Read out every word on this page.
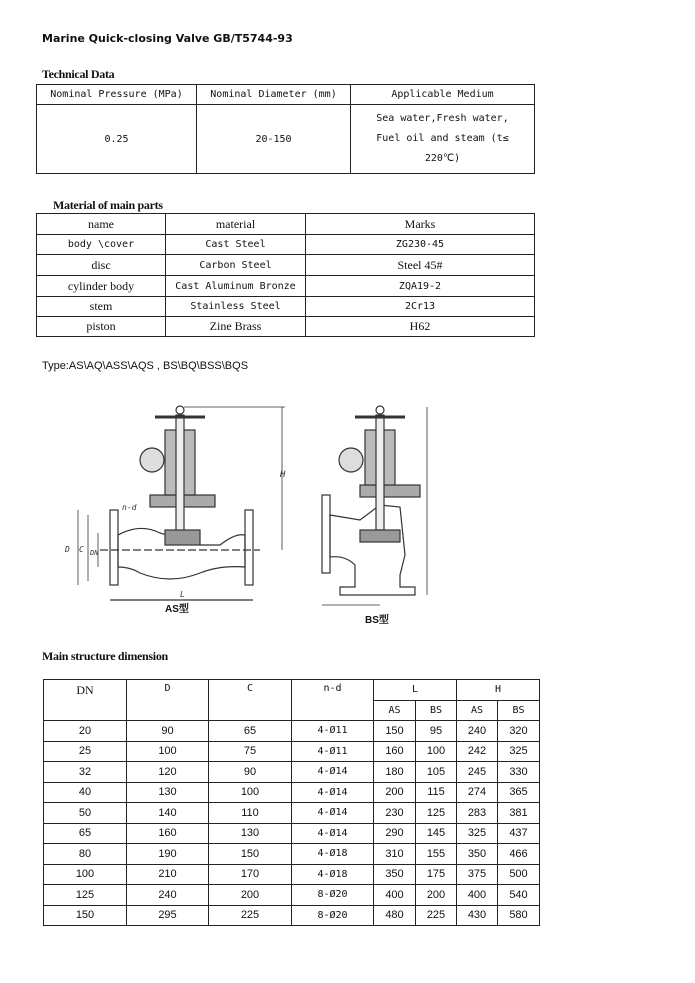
Marine Quick-closing Valve GB/T5744-93
Technical Data
Nominal Pressure (MPa)	Nominal Diameter (mm)	Applicable Medium
0.25	20-150	Sea water,Fresh water,
Fuel oil and steam (t≤
220℃)
Material of main parts
name	material	Marks
body \cover	Cast Steel	ZG230-45
disc	Carbon Steel	Steel 45#
cylinder body	Cast Aluminum Bronze	ZQA19-2
stem	Stainless Steel	2Cr13
piston	Zine Brass	H62
Type:AS\AQ\ASS\AQS , BS\BQ\BSS\BQS
H
L
D C DN
n-d
AS型
BS型
Main structure dimension
DN	D	C	n-d	L		H	
				AS	BS	AS	BS
20	90	65	4-Ø11	150	95	240	320
25	100	75	4-Ø11	160	100	242	325
32	120	90	4-Ø14	180	105	245	330
40	130	100	4-Ø14	200	115	274	365
50	140	110	4-Ø14	230	125	283	381
65	160	130	4-Ø14	290	145	325	437
80	190	150	4-Ø18	310	155	350	466
100	210	170	4-Ø18	350	175	375	500
125	240	200	8-Ø20	400	200	400	540
150	295	225	8-Ø20	480	225	430	580
